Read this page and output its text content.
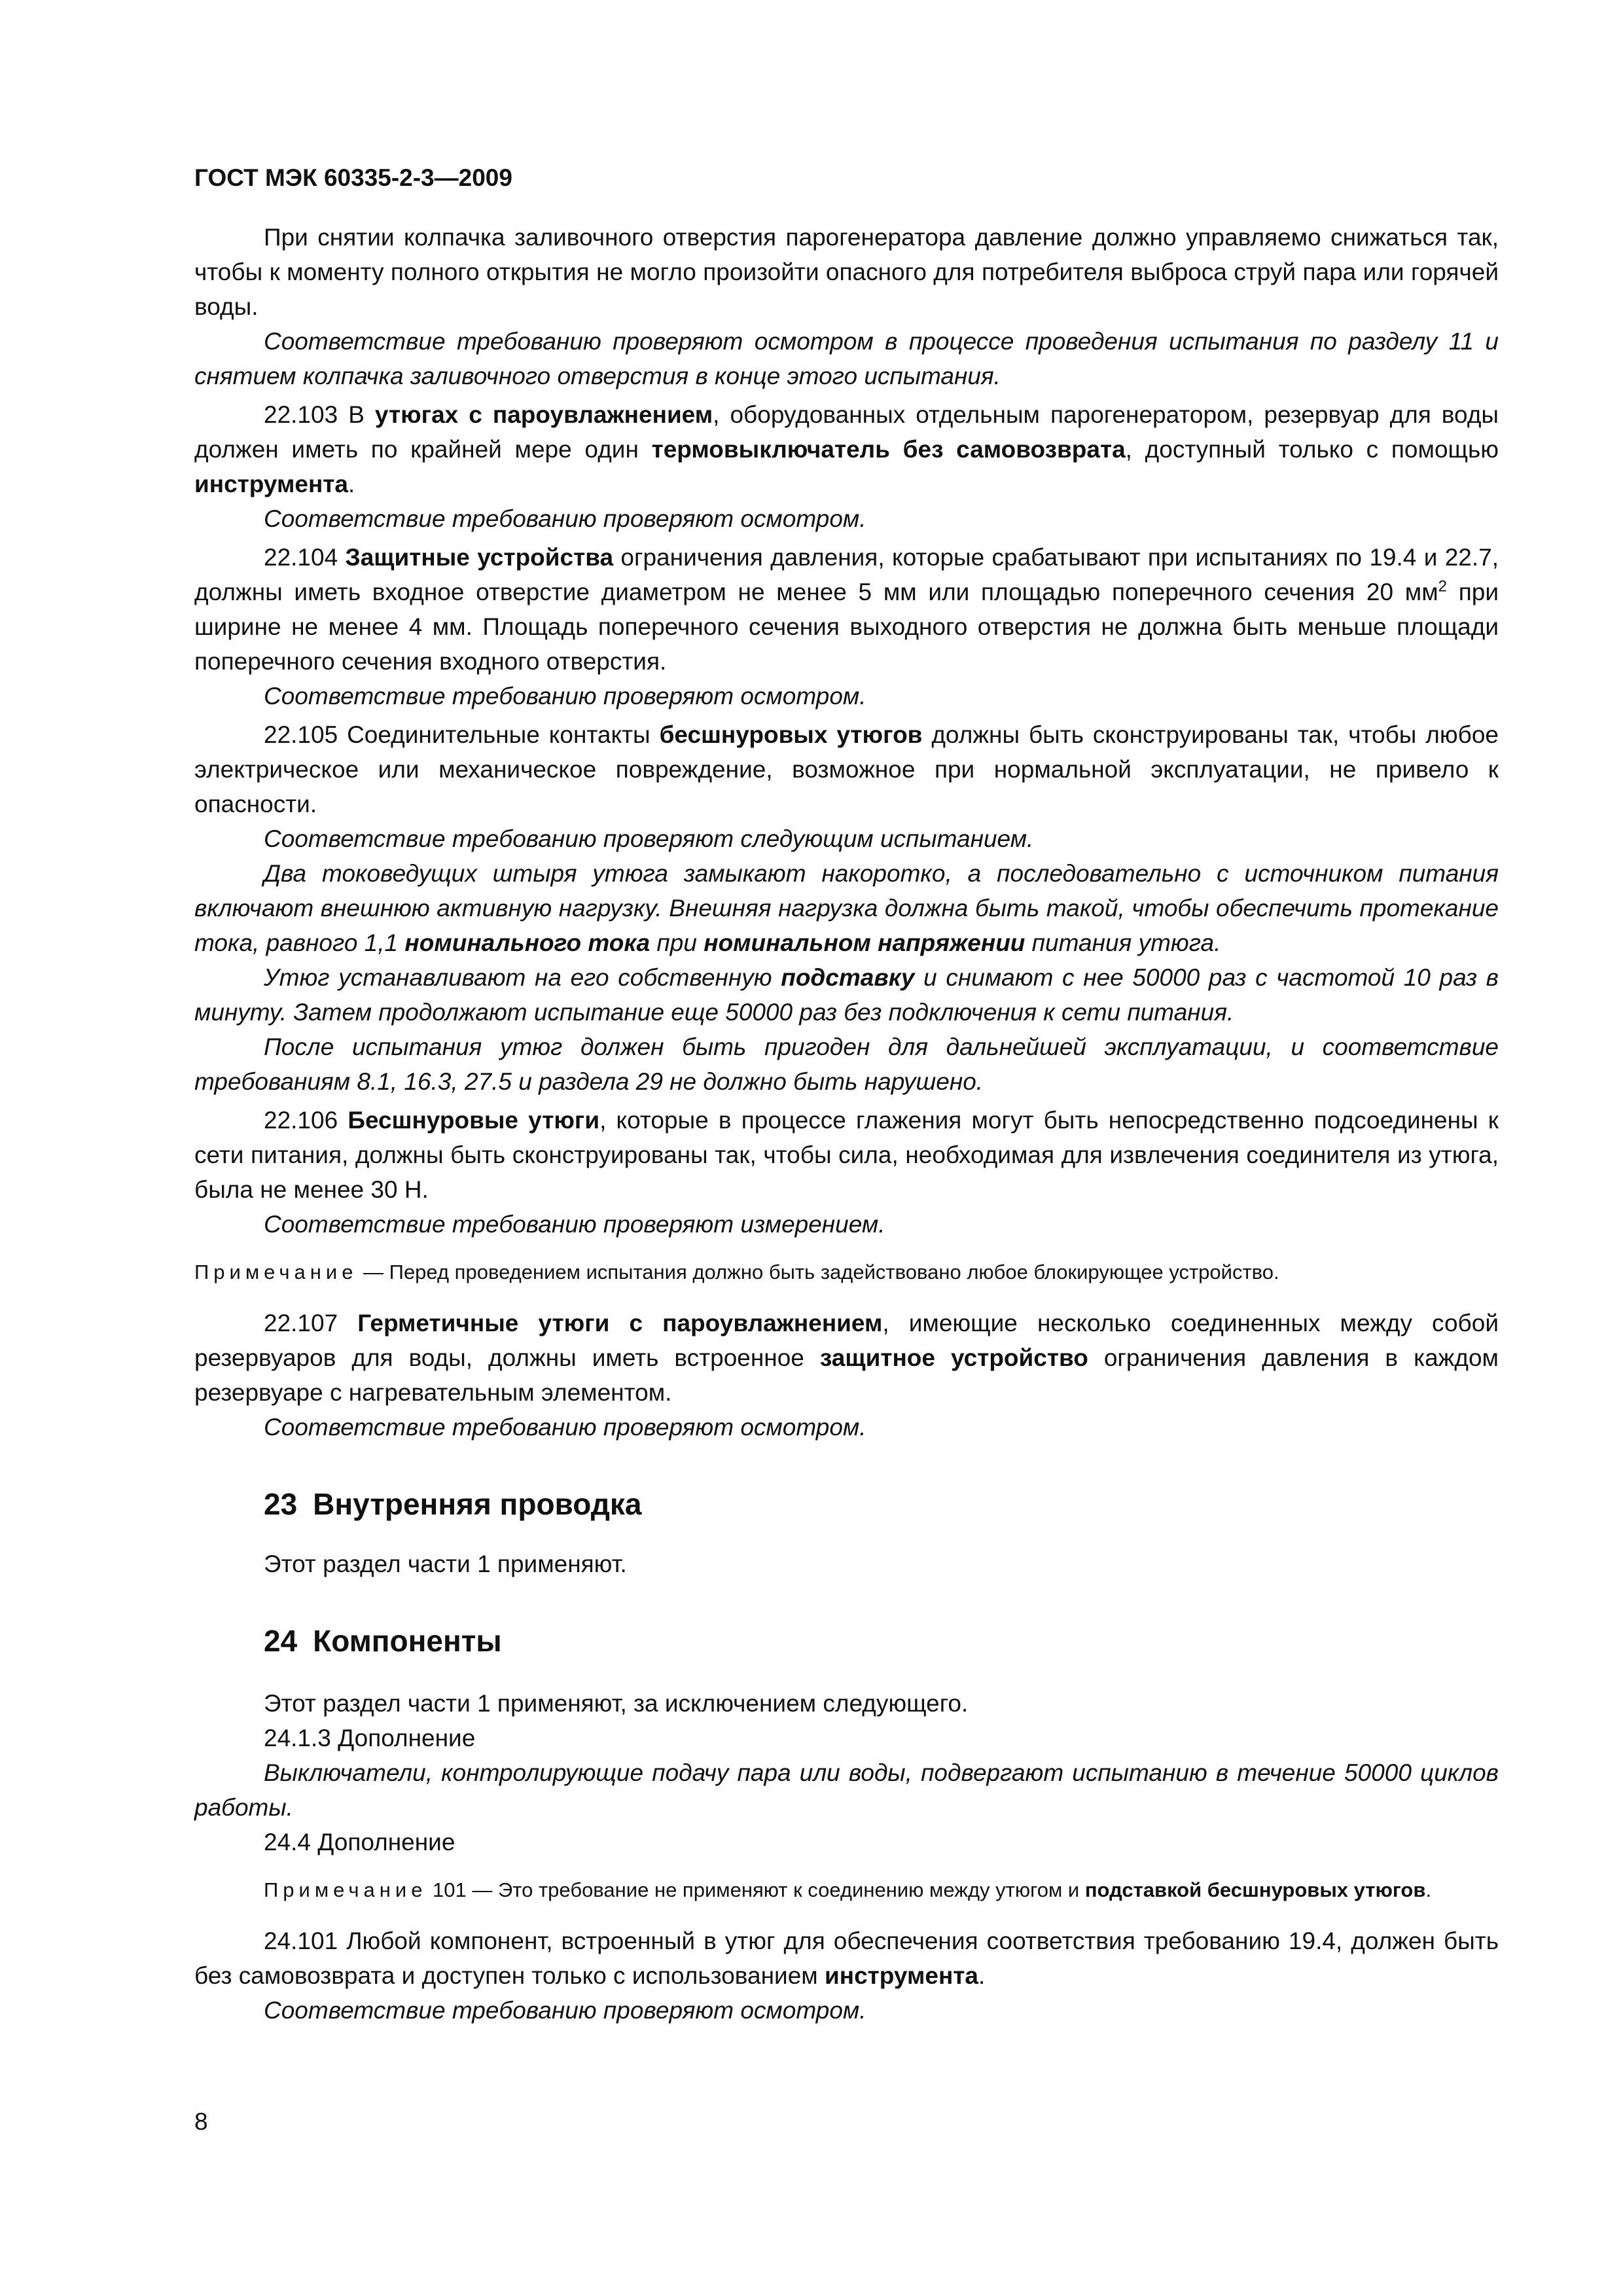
ГОСТ МЭК 60335-2-3—2009

При снятии колпачка заливочного отверстия парогенератора давление должно управляемо снижаться так, чтобы к моменту полного открытия не могло произойти опасного для потребителя выброса струй пара или горячей воды.

Соответствие требованию проверяют осмотром в процессе проведения испытания по разделу 11 и снятием колпачка заливочного отверстия в конце этого испытания.

22.103 В утюгах с пароувлажнением, оборудованных отдельным парогенератором, резервуар для воды должен иметь по крайней мере один термовыключатель без самовозврата, доступный только с помощью инструмента.

Соответствие требованию проверяют осмотром.

22.104 Защитные устройства ограничения давления, которые срабатывают при испытаниях по 19.4 и 22.7, должны иметь входное отверстие диаметром не менее 5 мм или площадью поперечного сечения 20 $мм^2$ при ширине не менее 4 мм. Площадь поперечного сечения выходного отверстия не должна быть меньше площади поперечного сечения входного отверстия.

Соответствие требованию проверяют осмотром.

22.105 Соединительные контакты бесшнуровых утюгов должны быть сконструированы так, чтобы любое электрическое или механическое повреждение, возможное при нормальной эксплуатации, не привело к опасности.

Соответствие требованию проверяют следующим испытанием.

Два токоведущих штыря утюга замыкают накоротко, а последовательно с источником питания включают внешнюю активную нагрузку. Внешняя нагрузка должна быть такой, чтобы обеспечить протекание тока, равного 1,1 номинального тока при номинальном напряжении питания утюга.

Утюг устанавливают на его собственную подставку и снимают с нее 50000 раз с частотой 10 раз в минуту. Затем продолжают испытание еще 50000 раз без подключения к сети питания.

После испытания утюг должен быть пригоден для дальнейшей эксплуатации, и соответствие требованиям 8.1, 16.3, 27.5 и раздела 29 не должно быть нарушено.

22.106 Бесшнуровые утюги, которые в процессе глажения могут быть непосредственно подсоединены к сети питания, должны быть сконструированы так, чтобы сила, необходимая для извлечения соединителя из утюга, была не менее 30 Н.

Соответствие требованию проверяют измерением.

Примечание — Перед проведением испытания должно быть задействовано любое блокирующее устройство.

22.107 Герметичные утюги с пароувлажнением, имеющие несколько соединенных между собой резервуаров для воды, должны иметь встроенное защитное устройство ограничения давления в каждом резервуаре с нагревательным элементом.

Соответствие требованию проверяют осмотром.

23 Внутренняя проводка

Этот раздел части 1 применяют.

24 Компоненты

Этот раздел части 1 применяют, за исключением следующего.

24.1.3 Дополнение

Выключатели, контролирующие подачу пара или воды, подвергают испытанию в течение 50000 циклов работы.

24.4 Дополнение

Примечание 101 — Это требование не применяют к соединению между утюгом и подставкой бесшнуровых утюгов.

24.101 Любой компонент, встроенный в утюг для обеспечения соответствия требованию 19.4, должен быть без самовозврата и доступен только с использованием инструмента.

Соответствие требованию проверяют осмотром.

8
